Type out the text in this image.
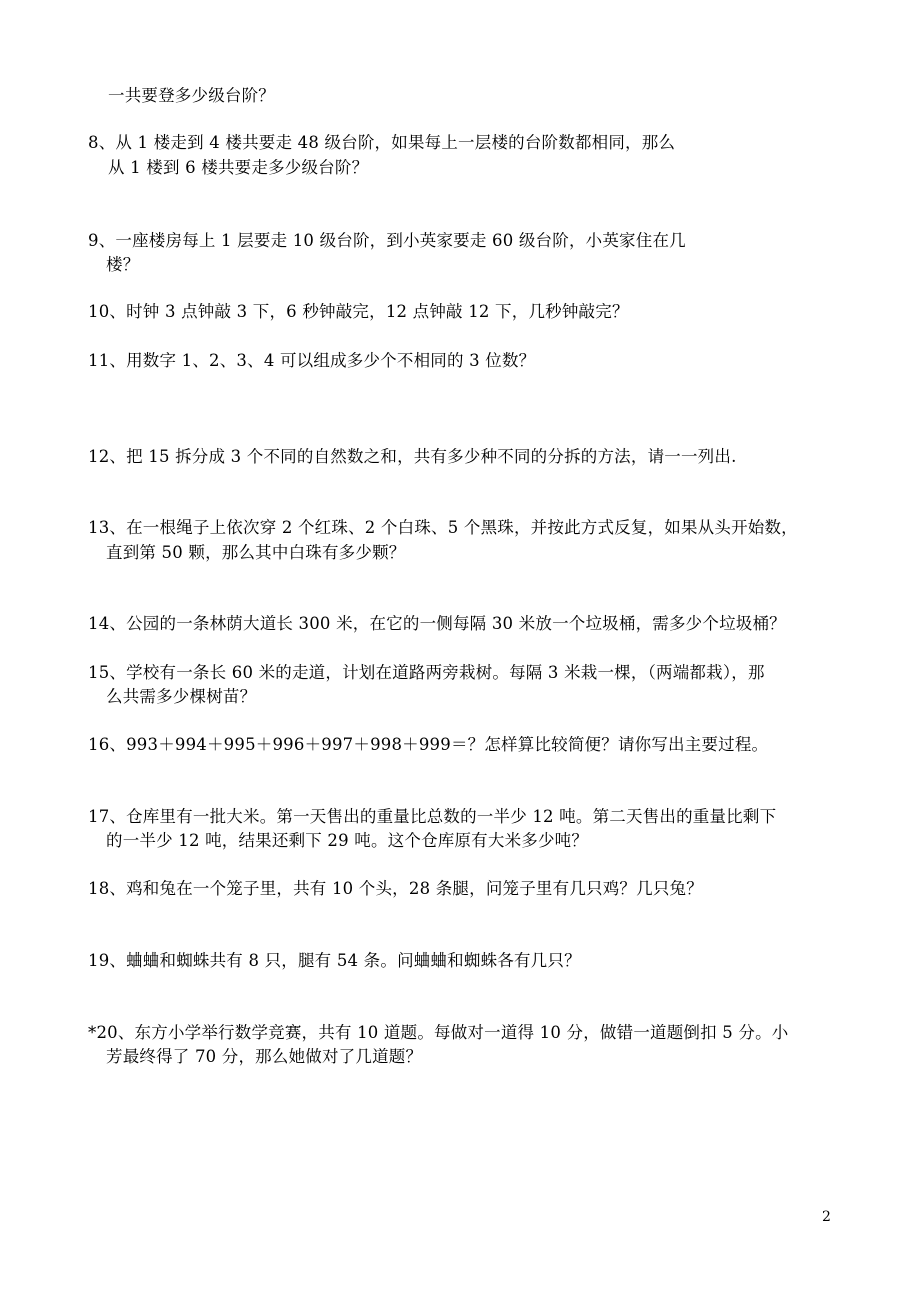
一共要登多少级台阶？
8、从 1 楼走到 4 楼共要走 48 级台阶，如果每上一层楼的台阶数都相同，那么
从 1 楼到 6 楼共要走多少级台阶？
9、一座楼房每上 1 层要走 10 级台阶，到小英家要走 60 级台阶，小英家住在几
楼？
10、时钟 3 点钟敲 3 下，6 秒钟敲完，12 点钟敲 12 下，几秒钟敲完？
11、用数字 1、2、3、4 可以组成多少个不相同的 3 位数？
12、把 15 拆分成 3 个不同的自然数之和，共有多少种不同的分拆的方法，请一一列出.
13、在一根绳子上依次穿 2 个红珠、2 个白珠、5 个黑珠，并按此方式反复，如果从头开始数，
直到第 50 颗，那么其中白珠有多少颗？
14、公园的一条林荫大道长 300 米，在它的一侧每隔 30 米放一个垃圾桶，需多少个垃圾桶？
15、学校有一条长 60 米的走道，计划在道路两旁栽树。每隔 3 米栽一棵，（两端都栽），那
么共需多少棵树苗？
16、993＋994＋995＋996＋997＋998＋999＝？怎样算比较简便？请你写出主要过程。
17、仓库里有一批大米。第一天售出的重量比总数的一半少 12 吨。第二天售出的重量比剩下
的一半少 12 吨，结果还剩下 29 吨。这个仓库原有大米多少吨？
18、鸡和兔在一个笼子里，共有 10 个头，28 条腿，问笼子里有几只鸡？几只兔？
19、蛐蛐和蜘蛛共有 8 只，腿有 54 条。问蛐蛐和蜘蛛各有几只？
*20、东方小学举行数学竞赛，共有 10 道题。每做对一道得 10 分，做错一道题倒扣 5 分。小
芳最终得了 70 分，那么她做对了几道题？
2
